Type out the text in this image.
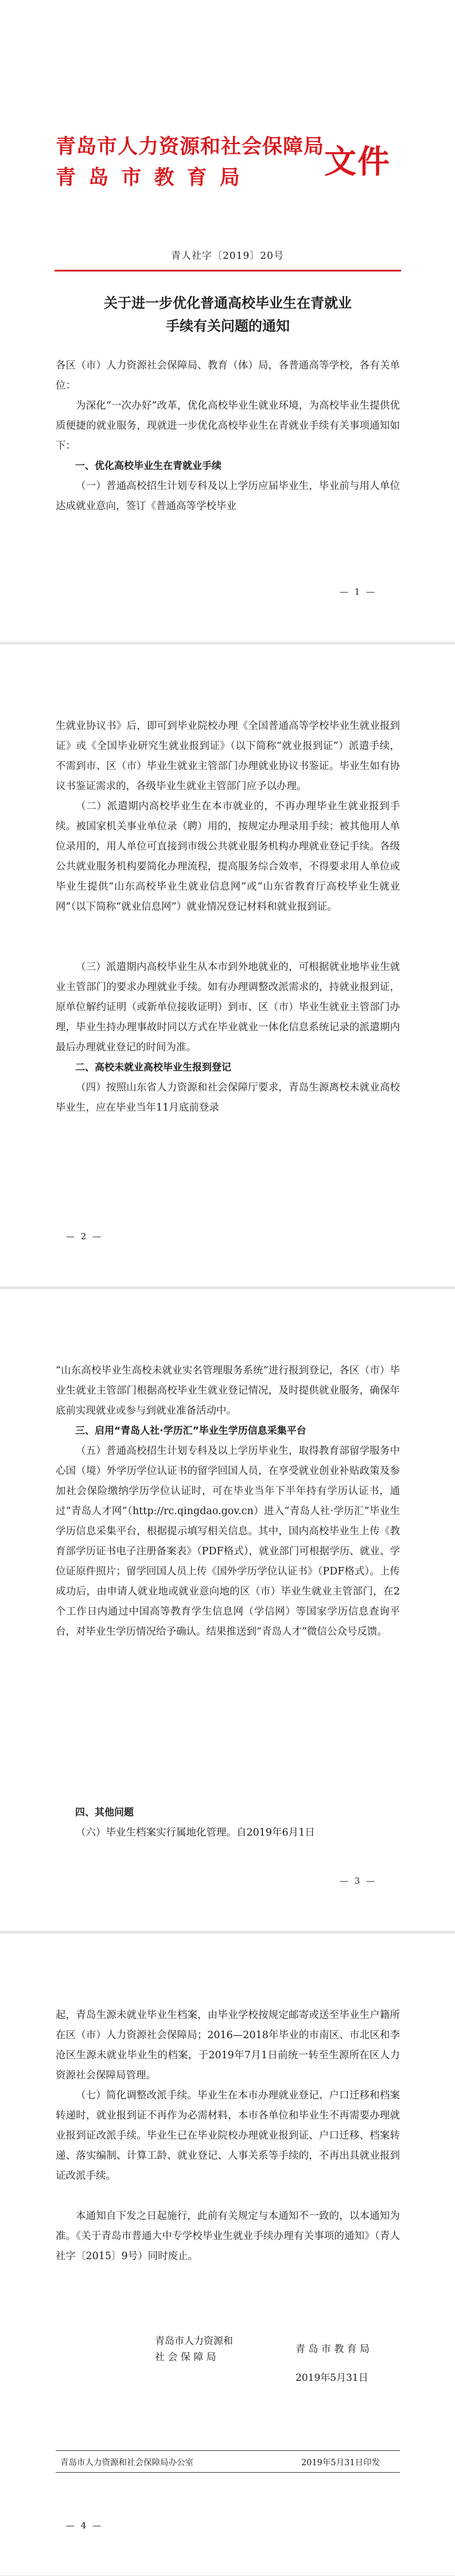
青岛市人力资源和社会保障局
青 岛 市 教 育 局	文件
青人社字〔2019〕20号
关于进一步优化普通高校毕业生在青就业
手续有关问题的通知

各区（市）人力资源社会保障局、教育（体）局，各普通高等学校，各有关单位：

为深化“一次办好”改革，优化高校毕业生就业环境，为高校毕业生提供优质便捷的就业服务，现就进一步优化高校毕业生在青就业手续有关事项通知如下：

一、优化高校毕业生在青就业手续

（一）普通高校招生计划专科及以上学历应届毕业生，毕业前与用人单位达成就业意向，签订《普通高等学校毕业

— 1 —

生就业协议书》后，即可到毕业院校办理《全国普通高等学校毕业生就业报到证》或《全国毕业研究生就业报到证》（以下简称“就业报到证”）派遣手续，不需到市、区（市）毕业生就业主管部门办理就业协议书鉴证。毕业生如有协议书鉴证需求的，各级毕业生就业主管部门应予以办理。

（二）派遣期内高校毕业生在本市就业的，不再办理毕业生就业报到手续。被国家机关事业单位录（聘）用的，按规定办理录用手续；被其他用人单位录用的，用人单位可直接到市级公共就业服务机构办理就业登记手续。各级公共就业服务机构要简化办理流程，提高服务综合效率，不得要求用人单位或毕业生提供“山东高校毕业生就业信息网”或“山东省教育厅高校毕业生就业网”（以下简称“就业信息网”）就业情况登记材料和就业报到证。

（三）派遣期内高校毕业生从本市到外地就业的，可根据就业地毕业生就业主管部门的要求办理就业手续。如有办理调整改派需求的，持就业报到证，原单位解约证明（或新单位接收证明）到市、区（市）毕业生就业主管部门办理，毕业生持办理事故时同以方式在毕业就业一体化信息系统记录的派遣期内最后办理就业登记的时间为准。

二、高校未就业高校毕业生报到登记

（四）按照山东省人力资源和社会保障厅要求，青岛生源离校未就业高校毕业生，应在毕业当年11月底前登录

— 2 —

“山东高校毕业生高校未就业实名管理服务系统”进行报到登记，各区（市）毕业生就业主管部门根据高校毕业生就业登记情况，及时提供就业服务，确保年底前实现就业或参与到就业准备活动中。

三、启用“青岛人社·学历汇”毕业生学历信息采集平台

（五）普通高校招生计划专科及以上学历毕业生，取得教育部留学服务中心国（境）外学历学位认证书的留学回国人员，在享受就业创业补贴政策及参加社会保险缴纳学历学位认证时，可在毕业当年下半年持有学历认证书，通过“青岛人才网”（http://rc.qingdao.gov.cn）进入“青岛人社·学历汇”毕业生学历信息采集平台，根据提示填写相关信息。其中，国内高校毕业生上传《教育部学历证书电子注册备案表》（PDF格式），就业部门可根据学历、就业、学位证原件照片；留学回国人员上传《国外学历学位认证书》（PDF格式）。上传成功后，由申请人就业地或就业意向地的区（市）毕业生就业主管部门，在2个工作日内通过中国高等教育学生信息网（学信网）等国家学历信息查询平台，对毕业生学历情况给予确认。结果推送到“青岛人才”微信公众号反馈。

四、其他问题

（六）毕业生档案实行属地化管理。自2019年6月1日

— 3 —

起，青岛生源未就业毕业生档案，由毕业学校按规定邮寄或送至毕业生户籍所在区（市）人力资源社会保障局；2016—2018年毕业的市南区、市北区和李沧区生源未就业毕业生的档案，于2019年7月1日前统一转至生源所在区人力资源社会保障局管理。

（七）简化调整改派手续。毕业生在本市办理就业登记、户口迁移和档案转递时，就业报到证不再作为必需材料，本市各单位和毕业生不再需要办理就业报到证改派手续。毕业生已在毕业院校办理就业报到证、户口迁移、档案转递、落实编制、计算工龄、就业登记、人事关系等手续的，不再出具就业报到证改派手续。

本通知自下发之日起施行，此前有关规定与本通知不一致的，以本通知为准。《关于青岛市普通大中专学校毕业生就业手续办理有关事项的通知》（青人社字〔2015〕9号）同时废止。

青岛市人力资源和
社 会 保 障 局
青 岛 市 教 育 局
2019年5月31日
青岛市人力资源和社会保障局办公室	2019年5月31日印发
— 4 —
